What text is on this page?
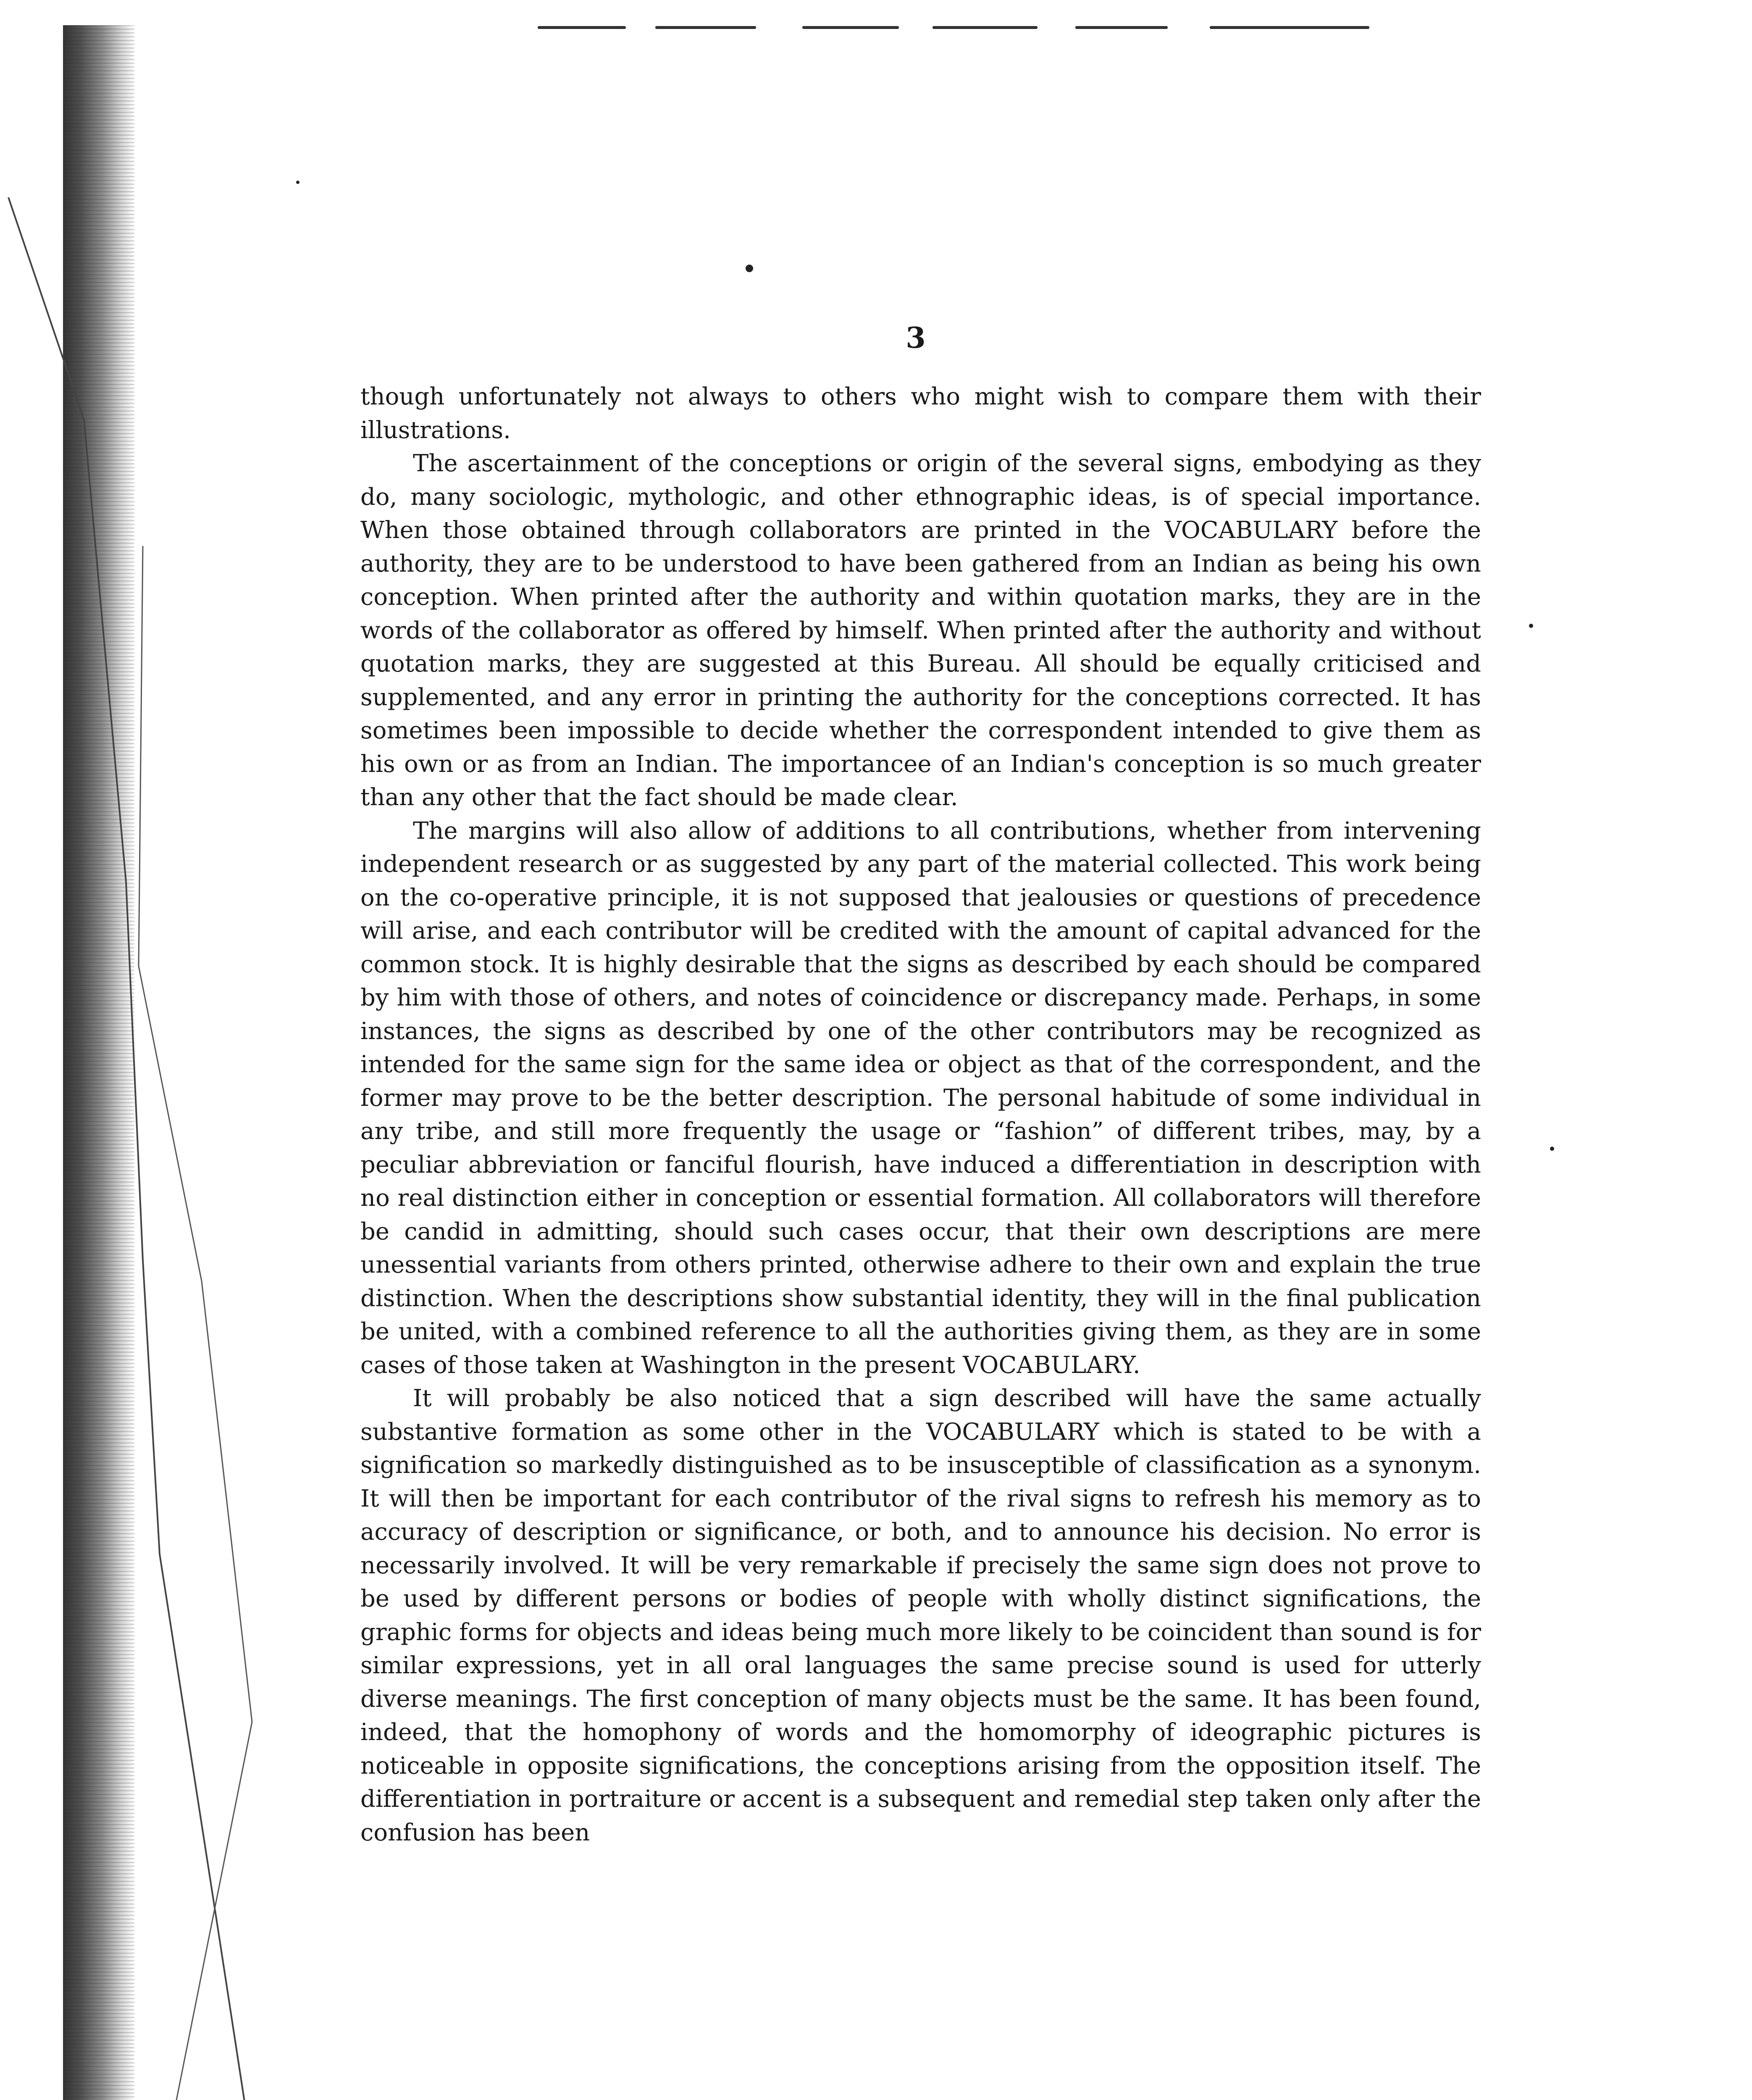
3

though unfortunately not always to others who might wish to compare them with their illustrations.

The ascertainment of the conceptions or origin of the several signs, embodying as they do, many sociologic, mythologic, and other ethnographic ideas, is of special importance. When those obtained through collaborators are printed in the VOCABULARY before the authority, they are to be understood to have been gathered from an Indian as being his own conception. When printed after the authority and within quotation marks, they are in the words of the collaborator as offered by himself. When printed after the authority and without quotation marks, they are suggested at this Bureau. All should be equally criticised and supplemented, and any error in printing the authority for the conceptions corrected. It has sometimes been impossible to decide whether the correspondent intended to give them as his own or as from an Indian. The importancee of an Indian's conception is so much greater than any other that the fact should be made clear.

The margins will also allow of additions to all contributions, whether from intervening independent research or as suggested by any part of the material collected. This work being on the co-operative principle, it is not supposed that jealousies or questions of precedence will arise, and each contributor will be credited with the amount of capital advanced for the common stock. It is highly desirable that the signs as described by each should be compared by him with those of others, and notes of coincidence or discrepancy made. Perhaps, in some instances, the signs as described by one of the other contributors may be recognized as intended for the same sign for the same idea or object as that of the correspondent, and the former may prove to be the better description. The personal habitude of some individual in any tribe, and still more frequently the usage or “fashion” of different tribes, may, by a peculiar abbreviation or fanciful flourish, have induced a differentiation in description with no real distinction either in conception or essential formation. All collaborators will therefore be candid in admitting, should such cases occur, that their own descriptions are mere unessential variants from others printed, otherwise adhere to their own and explain the true distinction. When the descriptions show substantial identity, they will in the final publication be united, with a combined reference to all the authorities giving them, as they are in some cases of those taken at Washington in the present VOCABULARY.

It will probably be also noticed that a sign described will have the same actually substantive formation as some other in the VOCABULARY which is stated to be with a signification so markedly distinguished as to be insusceptible of classification as a synonym. It will then be important for each contributor of the rival signs to refresh his memory as to accuracy of description or significance, or both, and to announce his decision. No error is necessarily involved. It will be very remarkable if precisely the same sign does not prove to be used by different persons or bodies of people with wholly distinct significations, the graphic forms for objects and ideas being much more likely to be coincident than sound is for similar expressions, yet in all oral languages the same precise sound is used for utterly diverse meanings. The first conception of many objects must be the same. It has been found, indeed, that the homophony of words and the homomorphy of ideographic pictures is noticeable in opposite significations, the conceptions arising from the opposition itself. The differentiation in portraiture or accent is a subsequent and remedial step taken only after the confusion has been
